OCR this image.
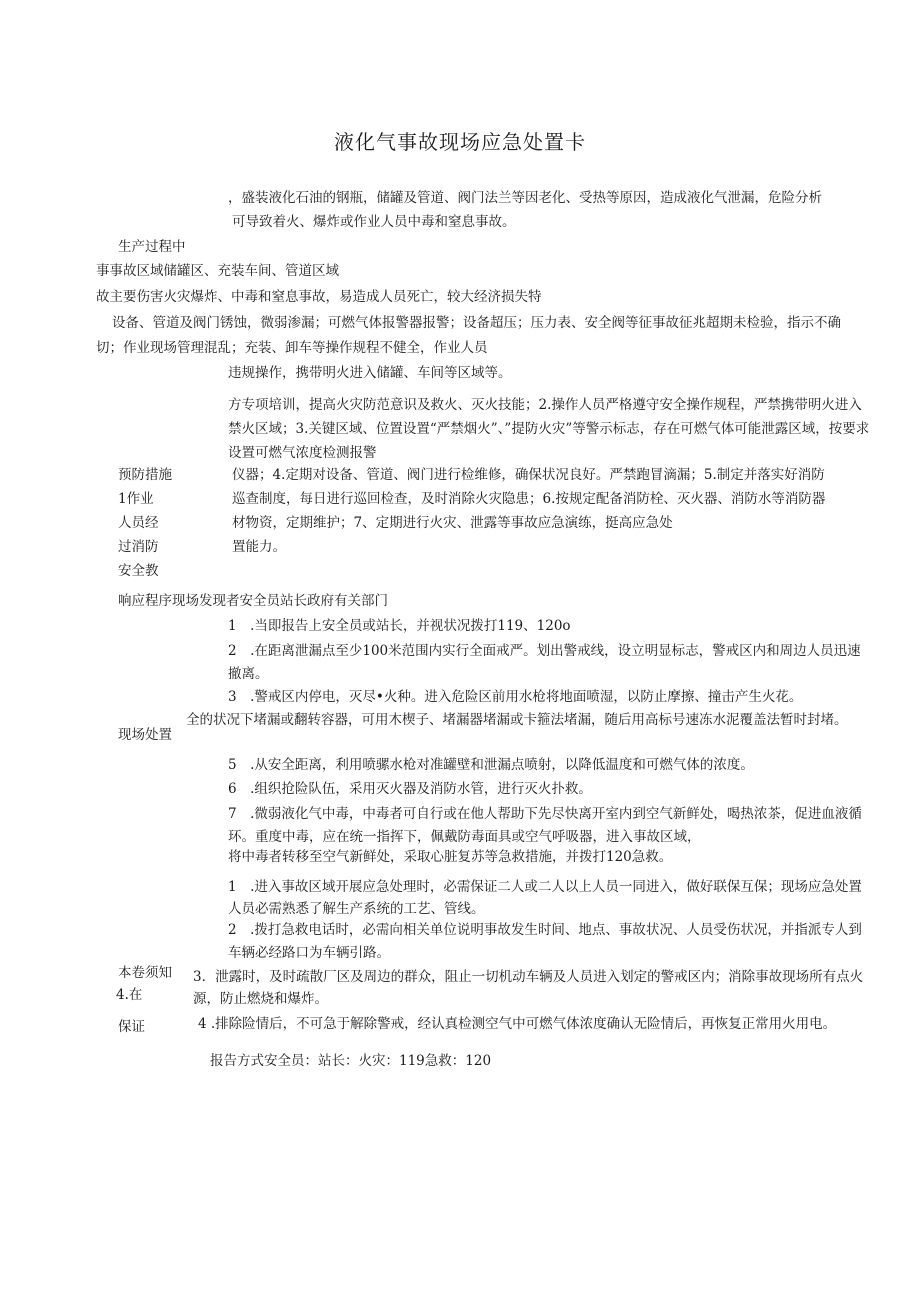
液化气事故现场应急处置卡
，盛装液化石油的钢瓶，储罐及管道、阀门法兰等因老化、受热等原因，造成液化气泄漏，危险分析
可导致着火、爆炸或作业人员中毒和窒息事故。
生产过程中
事事故区域储罐区、充装车间、管道区域
故主要伤害火灾爆炸、中毒和窒息事故，易造成人员死亡，较大经济损失特
设备、管道及阀门锈蚀，微弱渗漏；可燃气体报警器报警；设备超压；压力表、安全阀等征事故征兆超期未检验，指示不确
切；作业现场管理混乱；充装、卸车等操作规程不健全，作业人员
违规操作，携带明火进入储罐、车间等区域等。
方专项培训，提高火灾防范意识及救火、灭火技能；2.操作人员严格遵守安全操作规程，严禁携带明火进入禁火区域；3.关键区域、位置设置“严禁烟火”、”提防火灾”等警示标志，存在可燃气体可能泄露区域，按要求设置可燃气浓度检测报警
预防措施
1作业
人员经
过消防
安全教
仪器；4.定期对设备、管道、阀门进行检维修，确保状况良好。严禁跑冒滴漏；5.制定并落实好消防
巡查制度，每日进行巡回检查，及时消除火灾隐患；6.按规定配备消防栓、灭火器、消防水等消防器
材物资，定期维护；7、定期进行火灾、泄露等事故应急演练，挺高应急处
置能力。
响应程序现场发现者安全员站长政府有关部门
1　.当即报告上安全员或站长，并视状况拨打119、120o
2　.在距离泄漏点至少100米范围内实行全面戒严。划出警戒线，设立明显标志，警戒区内和周边人员迅速撤离。
3　.警戒区内停电，灭尽•火种。进入危险区前用水枪将地面喷湿，以防止摩擦、撞击产生火花。
全的状况下堵漏或翻转容器，可用木楔子、堵漏器堵漏或卡箍法堵漏，随后用高标号速冻水泥覆盖法暂时封堵。
现场处置
5　.从安全距离，利用喷骡水枪对准罐壁和泄漏点喷射，以降低温度和可燃气体的浓度。
6　.组织抢险队伍，采用灭火器及消防水管，进行灭火扑救。
7　.微弱液化气中毒，中毒者可自行或在他人帮助下先尽快离开室内到空气新鲜处，喝热浓茶，促进血液循环。重度中毒，应在统一指挥下，佩戴防毒面具或空气呼吸器，进入事故区域，
将中毒者转移至空气新鲜处，采取心脏复苏等急救措施，并拨打120急救。
1　.进入事故区域开展应急处理时，必需保证二人或二人以上人员一同进入，做好联保互保；现场应急处置人员必需熟悉了解生产系统的工艺、管线。
2　.拨打急救电话时，必需向相关单位说明事故发生时间、地点、事故状况、人员受伤状况，并指派专人到车辆必经路口为车辆引路。
本卷须知
4.在
保证
3．泄露时，及时疏散厂区及周边的群众，阻止一切机动车辆及人员进入划定的警戒区内；消除事故现场所有点火源，防止燃烧和爆炸。
4 .排除险情后，不可急于解除警戒，经认真检测空气中可燃气体浓度确认无险情后，再恢复正常用火用电。
报告方式安全员：站长：火灾：119急救：120
